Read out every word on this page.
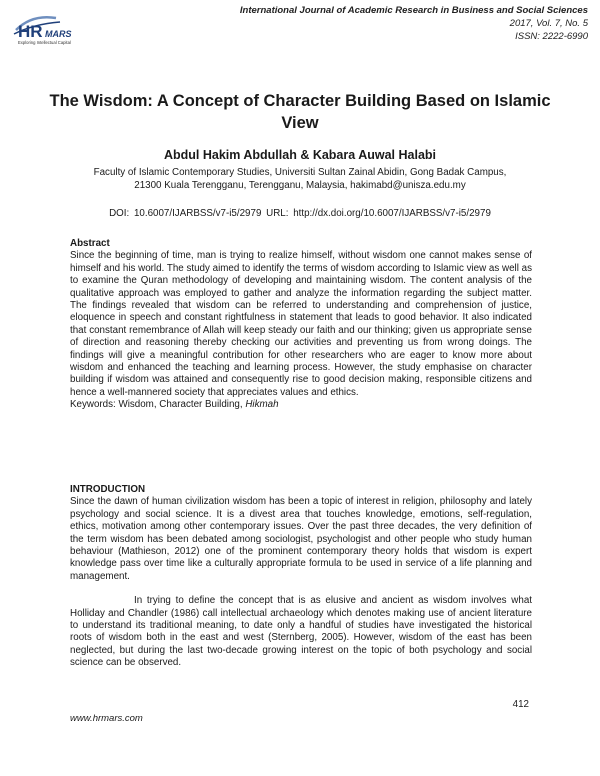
HR MARS
Exploring Intellectual Capital
International Journal of Academic Research in Business and Social Sciences
2017, Vol. 7, No. 5
ISSN: 2222-6990
The Wisdom: A Concept of Character Building Based on Islamic View
Abdul Hakim Abdullah & Kabara Auwal Halabi
Faculty of Islamic Contemporary Studies, Universiti Sultan Zainal Abidin, Gong Badak Campus,
21300 Kuala Terengganu, Terengganu, Malaysia, hakimabd@unisza.edu.my
DOI: 10.6007/IJARBSS/v7-i5/2979 URL: http://dx.doi.org/10.6007/IJARBSS/v7-i5/2979
Abstract

Since the beginning of time, man is trying to realize himself, without wisdom one cannot makes sense of himself and his world. The study aimed to identify the terms of wisdom according to Islamic view as well as to examine the Quran methodology of developing and maintaining wisdom. The content analysis of the qualitative approach was employed to gather and analyze the information regarding the subject matter. The findings revealed that wisdom can be referred to understanding and comprehension of justice, eloquence in speech and constant rightfulness in statement that leads to good behavior. It also indicated that constant remembrance of Allah will keep steady our faith and our thinking; given us appropriate sense of direction and reasoning thereby checking our activities and preventing us from wrong doings. The findings will give a meaningful contribution for other researchers who are eager to know more about wisdom and enhanced the teaching and learning process. However, the study emphasise on character building if wisdom was attained and consequently rise to good decision making, responsible citizens and hence a well-mannered society that appreciates values and ethics.

Keywords: Wisdom, Character Building, Hikmah
INTRODUCTION

Since the dawn of human civilization wisdom has been a topic of interest in religion, philosophy and lately psychology and social science. It is a divest area that touches knowledge, emotions, self-regulation, ethics, motivation among other contemporary issues. Over the past three decades, the very definition of the term wisdom has been debated among sociologist, psychologist and other people who study human behaviour (Mathieson, 2012) one of the prominent contemporary theory holds that wisdom is expert knowledge pass over time like a culturally appropriate formula to be used in service of a life planning and management.

In trying to define the concept that is as elusive and ancient as wisdom involves what Holliday and Chandler (1986) call intellectual archaeology which denotes making use of ancient literature to understand its traditional meaning, to date only a handful of studies have investigated the historical roots of wisdom both in the east and west (Sternberg, 2005). However, wisdom of the east has been neglected, but during the last two-decade growing interest on the topic of both psychology and social science can be observed.

412
www.hrmars.com
